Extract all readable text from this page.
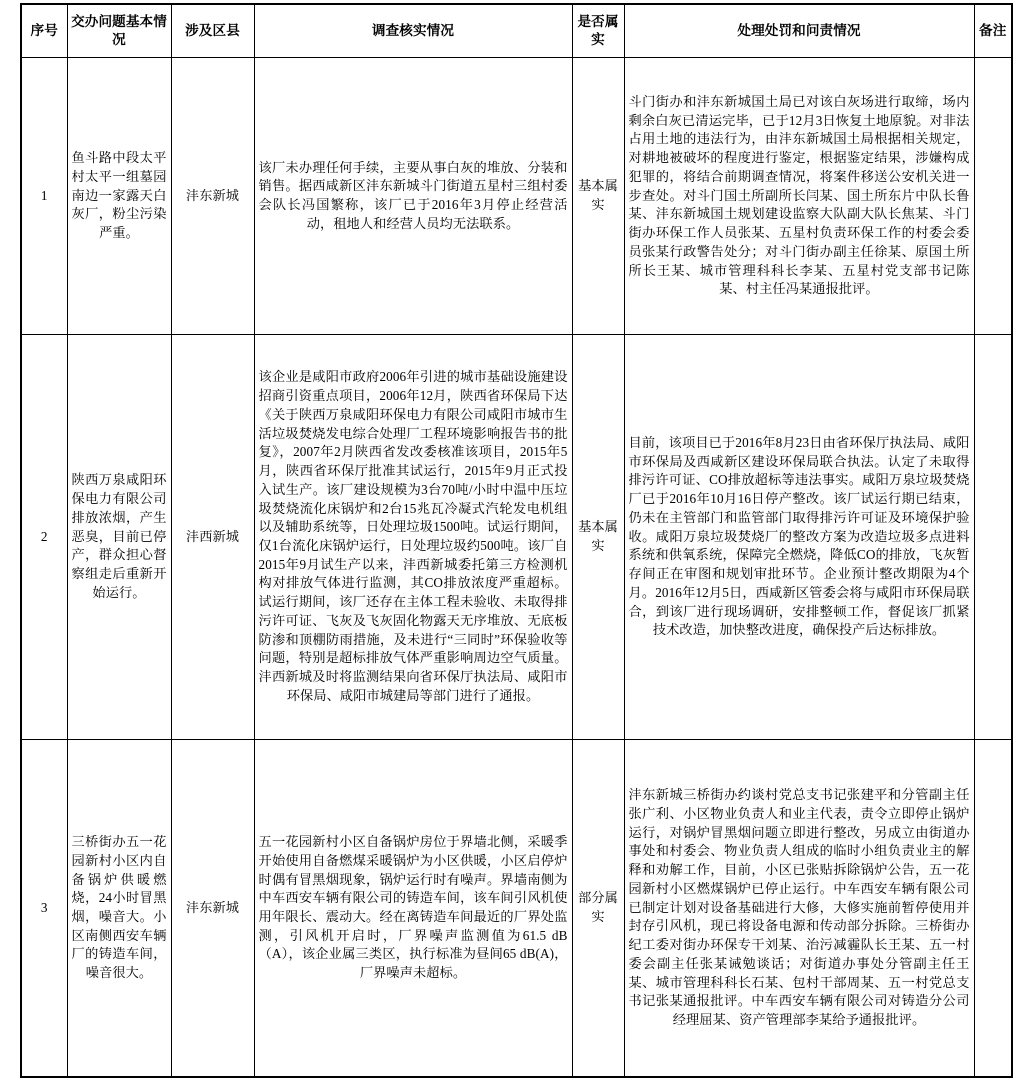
序号	交办问题基本情况	涉及区县	调查核实情况	是否属实	处理处罚和问责情况	备注
1	鱼斗路中段太平村太平一组墓园南边一家露天白灰厂，粉尘污染严重。	沣东新城	该厂未办理任何手续，主要从事白灰的堆放、分装和销售。据西咸新区沣东新城斗门街道五星村三组村委会队长冯国繁称，该厂已于2016年3月停止经营活动，租地人和经营人员均无法联系。	基本属实	斗门街办和沣东新城国土局已对该白灰场进行取缔，场内剩余白灰已清运完毕，已于12月3日恢复土地原貌。对非法占用土地的违法行为，由沣东新城国土局根据相关规定，对耕地被破坏的程度进行鉴定，根据鉴定结果，涉嫌构成犯罪的，将结合前期调查情况，将案件移送公安机关进一步查处。对斗门国土所副所长闫某、国土所东片中队长鲁某、沣东新城国土规划建设监察大队副大队长焦某、斗门街办环保工作人员张某、五星村负责环保工作的村委会委员张某行政警告处分；对斗门街办副主任徐某、原国土所所长王某、城市管理科科长李某、五星村党支部书记陈某、村主任冯某通报批评。	
2	陕西万泉咸阳环保电力有限公司排放浓烟，产生恶臭，目前已停产，群众担心督察组走后重新开始运行。	沣西新城	该企业是咸阳市政府2006年引进的城市基础设施建设招商引资重点项目，2006年12月，陕西省环保局下达《关于陕西万泉咸阳环保电力有限公司咸阳市城市生活垃圾焚烧发电综合处理厂工程环境影响报告书的批复》，2007年2月陕西省发改委核准该项目，2015年5月，陕西省环保厅批准其试运行，2015年9月正式投入试生产。该厂建设规模为3台70吨/小时中温中压垃圾焚烧流化床锅炉和2台15兆瓦冷凝式汽轮发电机组以及辅助系统等，日处理垃圾1500吨。试运行期间，仅1台流化床锅炉运行，日处理垃圾约500吨。该厂自2015年9月试生产以来，沣西新城委托第三方检测机构对排放气体进行监测，其CO排放浓度严重超标。试运行期间，该厂还存在主体工程未验收、未取得排污许可证、飞灰及飞灰固化物露天无序堆放、无底板防渗和顶棚防雨措施，及未进行“三同时”环保验收等问题，特别是超标排放气体严重影响周边空气质量。沣西新城及时将监测结果向省环保厅执法局、咸阳市环保局、咸阳市城建局等部门进行了通报。	基本属实	目前，该项目已于2016年8月23日由省环保厅执法局、咸阳市环保局及西咸新区建设环保局联合执法。认定了未取得排污许可证、CO排放超标等违法事实。咸阳万泉垃圾焚烧厂已于2016年10月16日停产整改。该厂试运行期已结束，仍未在主管部门和监管部门取得排污许可证及环境保护验收。咸阳万泉垃圾焚烧厂的整改方案为改造垃圾多点进料系统和供氧系统，保障完全燃烧，降低CO的排放，飞灰暂存间正在审图和规划审批环节。企业预计整改期限为4个月。2016年12月5日，西咸新区管委会将与咸阳市环保局联合，到该厂进行现场调研，安排整顿工作，督促该厂抓紧技术改造，加快整改进度，确保投产后达标排放。	
3	三桥街办五一花园新村小区内自备锅炉供暖燃烧，24小时冒黑烟，噪音大。小区南侧西安车辆厂的铸造车间，噪音很大。	沣东新城	五一花园新村小区自备锅炉房位于界墙北侧，采暖季开始使用自备燃煤采暖锅炉为小区供暖，小区启停炉时偶有冒黑烟现象，锅炉运行时有噪声。界墙南侧为中车西安车辆有限公司的铸造车间，该车间引风机使用年限长、震动大。经在离铸造车间最近的厂界处监测，引风机开启时，厂界噪声监测值为61.5 dB（A），该企业属三类区，执行标准为昼间65 dB(A)，厂界噪声未超标。	部分属实	沣东新城三桥街办约谈村党总支书记张建平和分管副主任张广利、小区物业负责人和业主代表，责令立即停止锅炉运行，对锅炉冒黑烟问题立即进行整改，另成立由街道办事处和村委会、物业负责人组成的临时小组负责业主的解释和劝解工作，目前，小区已张贴拆除锅炉公告，五一花园新村小区燃煤锅炉已停止运行。中车西安车辆有限公司已制定计划对设备基础进行大修，大修实施前暂停使用并封存引风机，现已将设备电源和传动部分拆除。三桥街办纪工委对街办环保专干刘某、治污减霾队长王某、五一村委会副主任张某诫勉谈话；对街道办事处分管副主任王某、城市管理科科长石某、包村干部周某、五一村党总支书记张某通报批评。中车西安车辆有限公司对铸造分公司经理屈某、资产管理部李某给予通报批评。	
